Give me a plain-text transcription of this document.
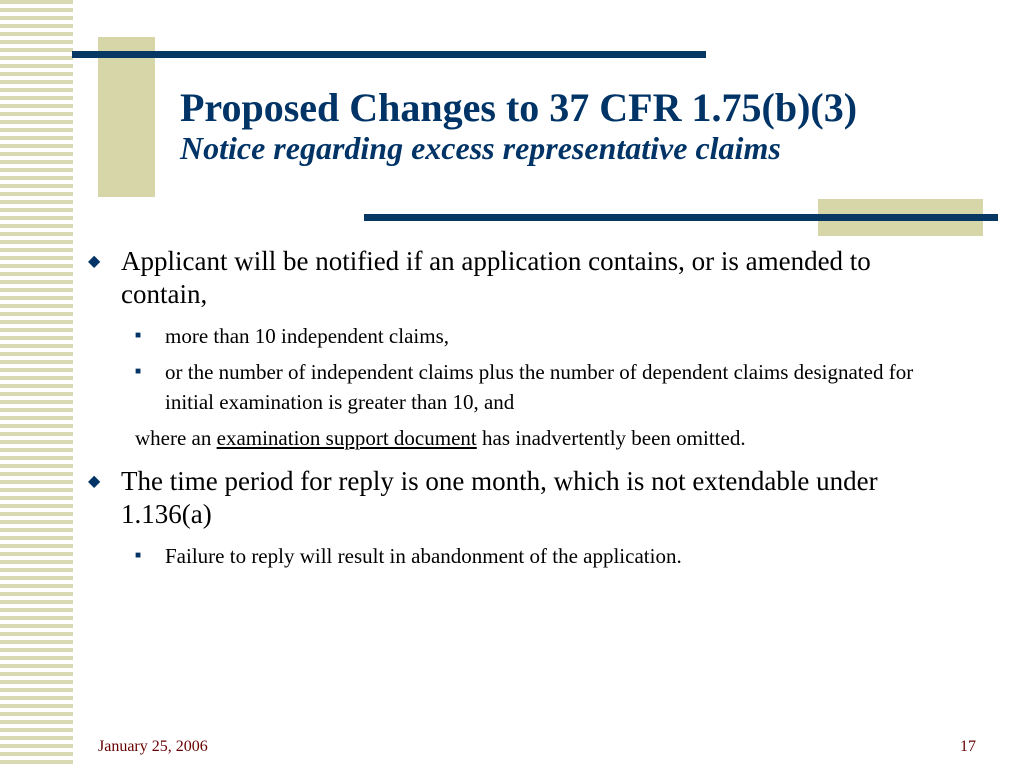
Proposed Changes to 37 CFR 1.75(b)(3)
Notice regarding excess representative claims
◆ Applicant will be notified if an application contains, or is amended to contain,
■ more than 10 independent claims,
■ or the number of independent claims plus the number of dependent claims designated for initial examination is greater than 10, and
where an examination support document has inadvertently been omitted.
◆ The time period for reply is one month, which is not extendable under 1.136(a)
■ Failure to reply will result in abandonment of the application.
January 25, 2006	17
